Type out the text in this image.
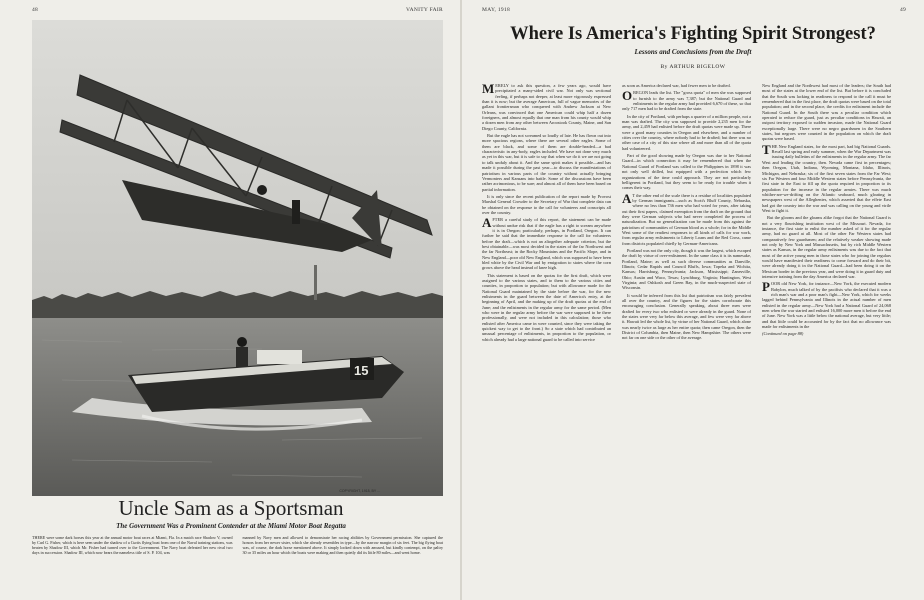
48	VANITY FAIR
15
COPYRIGHT, 1918, BY ...
Uncle Sam as a Sportsman
The Government Was a Prominent Contender at the Miami Motor Boat Regatta

THERE were some dark horses this year at the annual motor boat races at Miami, Fla. In a match race Shadow V, owned by Carl G. Fisher, which is here seen under the shadow of a Curtis flying boat from one of the Naval training stations, was beaten by Shadow III, which Mr. Fisher had turned over to the Government. The Navy boat defeated her new rival two days in succession. Shadow III, which now bears the nameless title of S. P. 104, was

manned by Navy men and allowed to demonstrate her racing abilities by Government permission. She captured the honors from her newer sister, which she already resembles in type—by the narrow margin of six feet. The big flying boat was, of course, the dark horse mentioned above. It simply looked down with amused, but kindly contempt, on the paltry 30 or 35 miles an hour which the boats were making and then quietly did its little 80 miles—and went home.

MAY, 1918	49
Where Is America's Fighting Spirit Strongest?
Lessons and Conclusions from the Draft
By ARTHUR BIGELOW

MERELY to ask this question, a few years ago, would have precipitated a many-sided civil war. Not only was sectional feeling, if perhaps not deeper, at least more vigorously expressed than it is now; but the average American, full of vague memories of the gallant frontiersman who conquered with Andrew Jackson at New Orleans, was convinced that one American could whip half a dozen foreigners, and almost equally that one man from his county would whip a dozen men from any other between Aroostook County, Maine, and San Diego County, California.

But the eagle has not screamed so loudly of late. He has flown out into more spacious regions, where there are several other eagles. Some of them are black, and some of them are double-headed—a bad characteristic in any-body, eagles included. We have not done very much as yet in this war, but it is safe to say that when we do it we are not going to talk unduly about it. And the same spirit makes it possible—and has made it possible during the past year—to discuss the manifestations of patriotism in various parts of the country without actually bringing Vermonters and Kansans into battle. Some of the discussions have been rather acrimonious, to be sure; and almost all of them have been based on partial information.

It is only since the recent publication of the report made by Provost Marshal General Crowder to the Secretary of War that complete data can be obtained on the response to the call for volunteers and conscripts all over the country.

AFTER a careful study of this report, the statement can be made without undue risk that if the eagle has a right to scream anywhere it is in Oregon; particularly, perhaps, in Portland, Oregon. It can further be said that the immediate response to the call for volunteers before the draft—which is not an altogether adequate criterion, but the best obtainable—was most decided in the states of the far Northwest and the far Northeast; in the Rocky Mountains and the Pacific Slope, and in New England—poor old New England, which was supposed to have been bled white by the Civil War and by emigration to states where the corn grows above the head instead of knee high.

This statement is based on the quotas for the first draft, which were assigned to the various states, and to them to the various cities and counties, in proportion to population; but with allowance made for the National Guard maintained by the state before the war, for the new enlistments in the guard between the date of America's entry, at the beginning of April, and the making up of the draft quotas at the end of June; and the enlistments in the regular army for the same period. (Men who were in the regular army before the war were supposed to be there professionally, and were not included in this calculation; those who enlisted after America came in were counted, since they were taking the quickest way to get to the front.) So a state which had contributed an unusual percentage of enlistments, in proportion to the population, or which already had a large national guard to be called into service

as soon as America declared war, had fewer men to be drafted.

OREGON leads the list. The "gross quota" of men she was supposed to furnish to the army was 7,387; but the National Guard and enlistments in the regular army had provided 6,670 of these, so that only 717 men had to be drafted from the state.

In the city of Portland, with perhaps a quarter of a million people, not a man was drafted. The city was supposed to provide 2,235 men for the army, and 2,459 had enlisted before the draft quotas were made up. There were a good many counties in Oregon and elsewhere, and a number of cities over the country, where nobody had to be drafted; but there was no other case of a city of this size where all and more than all of the quota had volunteered.

Part of the good showing made by Oregon was due to her National Guard—in which connection it may be remembered that when the National Guard of Portland was called to the Philippines in 1898 it was not only well drilled, but equipped with a perfection which few organizations of the time could approach. They are not particularly belligerent in Portland, but they seem to be ready for trouble when it comes their way.

AT the other end of the scale there is a residue of localities populated by German immigrants—such as Scott's Bluff County, Nebraska, where no less than 736 men who had voted for years, after taking out their first papers, claimed exemption from the draft on the ground that they were German subjects who had never completed the process of naturalization. But no generalization can be made from this against the patriotism of communities of German blood as a whole; for in the Middle West some of the readiest responses to all kinds of calls for war work, from regular army enlistments to Liberty Loans and the Red Cross, came from districts populated chiefly by German-Americans.

Portland was not the only city, though it was the largest, which escaped the draft by virtue of over-enlistment. In the same class it is its namesake, Portland, Maine; as well as such diverse communities as Danville, Illinois; Cedar Rapids and Council Bluffs, Iowa; Topeka and Wichita, Kansas; Harrisburg, Pennsylvania; Jackson, Mississippi; Zanesville, Ohio; Austin and Waco, Texas; Lynchburg, Virginia; Huntington, West Virginia; and Oshkosh and Green Bay, in the much-suspected state of Wisconsin.

It would be inferred from this list that patriotism was fairly prevalent all over the country, and the figures for the states corroborate this encouraging conclusion. Generally speaking, about three men were drafted for every two who enlisted or were already in the guard. None of the states were very far below this average, and few were very far above it. Hawaii led the whole list, by virtue of her National Guard, which alone was nearly twice as large as her entire quota; then came Oregon, then the District of Columbia, then Maine, then New Hampshire. The others were not far on one side or the other of the average.

New England and the Northwest had most of the leaders; the South had most of the states at the lower end of the list. But before it is concluded that the South was lacking in readiness to respond to the call it must be remembered that in the first place, the draft quotas were based on the total population; and in the second place, the credits for enlistment include the National Guard. In the South there was a peculiar condition which operated to reduce the guard, just as peculiar conditions in Hawaii, an outpost territory exposed to sudden invasion, made the National Guard exceptionally large. There were no negro guardsmen in the Southern states, but negroes were counted in the population on which the draft quotas were based.

THE New England states, for the most part, had big National Guards. Recall last spring and early summer, when the War Department was issuing daily bulletins of the enlistments in the regular army. The far West and leading the country, then. Nevada came first in percentages; then Oregon, Utah, Indiana, Wyoming, Montana, Idaho, Illinois, Michigan, and Nebraska; six of the first seven states from the Far West; six Far Western and four Middle Western states before Pennsylvania, the first state in the East to fill up the quota required in proportion to its population for the increase in the regular armies. There was much whither-are-we-drifting on the Atlantic seaboard, much gloating in newspapers west of the Alleghenies, which asserted that the effete East had got the country into the war and was calling on the young and virile West to fight it.

But the glooms and the gloams alike forgot that the National Guard is not a very flourishing institution west of the Missouri. Nevada, for instance, the first state to enlist the number asked of it for the regular army, had no guard at all. Most of the other Far Western states had comparatively few guardsmen; and the relatively weaker showing made not only by New York and Massachusetts, but by rich Middle Western states as Kansas, in the regular army enlistments was due to the fact that most of the active young men in those states who for joining the regulars would have manifested their readiness to come forward and do their bit, were already doing it in the National Guard—had been doing it on the Mexican border in the previous year, and were doing it in guard duty and intensive training from the day America declared war.

POOR old New York, for instance—New York, the executed modern Babylon, much talked of by the pacifists who declared that it was a rich man's war and a poor man's fight—New York, which for weeks lagged behind Pennsylvania and Illinois in the actual number of men enlisted in the regular army—New York had a National Guard of 24,068 men when the war started and enlisted 16,000 more men it before the end of June. New York was a little below the national average, but very little; and that little could be accounted for by the fact that no allowance was made for enlistments in the

(Continued on page 88)
